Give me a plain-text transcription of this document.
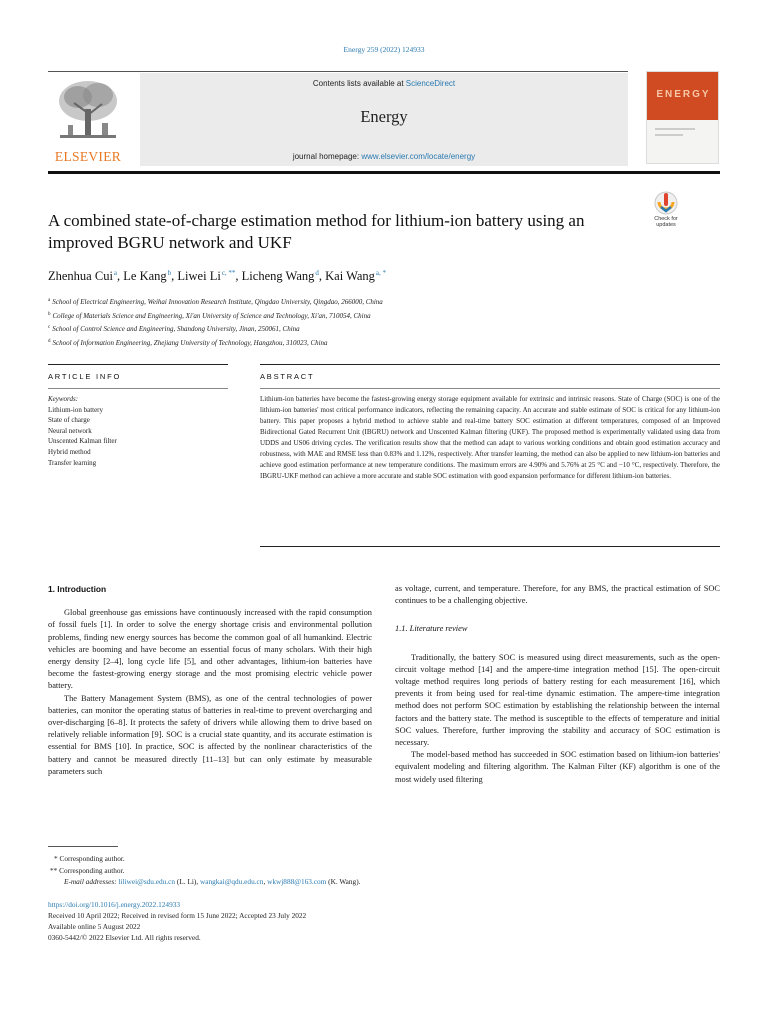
Energy 259 (2022) 124933
ELSEVIER
Contents lists available at ScienceDirect
Energy
journal homepage: www.elsevier.com/locate/energy
ENERGY
A combined state-of-charge estimation method for lithium-ion battery using an improved BGRU network and UKF
Check for updates
Zhenhua Cui$^a$, Le Kang$^b$, Liwei $Li^{c, **}$, Licheng Wang$^d$, Kai Wang$^{a, *}$
$^a$ School of Electrical Engineering, Weihai Innovation Research Institute, Qingdao University, Qingdao, 266000, China
$^b$ College of Materials Science and Engineering, Xi'an University of Science and Technology, Xi'an, 710054, China
$^c$ School of Control Science and Engineering, Shandong University, Jinan, 250061, China
$^d$ School of Information Engineering, Zhejiang University of Technology, Hangzhou, 310023, China
ARTICLE INFO	ABSTRACT
Keywords:
Lithium-ion battery
State of charge
Neural network
Unscented Kalman filter
Hybrid method
Transfer learning
Lithium-ion batteries have become the fastest-growing energy storage equipment available for extrinsic and intrinsic reasons. State of Charge (SOC) is one of the lithium-ion batteries' most critical performance indicators, reflecting the remaining capacity. An accurate and stable estimate of SOC is critical for any lithium-ion battery. This paper proposes a hybrid method to achieve stable and real-time battery SOC estimation at different temperatures, composed of an Improved Bidirectional Gated Recurrent Unit (IBGRU) network and Unscented Kalman filtering (UKF). The proposed method is experimentally validated using data from UDDS and US06 driving cycles. The verification results show that the method can adapt to various working conditions and obtain good estimation accuracy and robustness, with MAE and RMSE less than 0.83% and 1.12%, respectively. After transfer learning, the method can also be applied to new lithium-ion batteries and achieve good estimation performance at new temperature conditions. The maximum errors are 4.90% and 5.76% at 25 °C and −10 °C, respectively. Therefore, the IBGRU-UKF method can achieve a more accurate and stable SOC estimation with good expansion performance for different lithium-ion batteries.
1. Introduction

Global greenhouse gas emissions have continuously increased with the rapid consumption of fossil fuels [1]. In order to solve the energy shortage crisis and environmental pollution problems, finding new energy sources has become the common goal of all humankind. Electric vehicles are booming and have become an essential focus of many scholars. With their high energy density [2–4], long cycle life [5], and other advantages, lithium-ion batteries have become the fastest-growing energy storage and the most promising electric vehicle power battery.

The Battery Management System (BMS), as one of the central technologies of power batteries, can monitor the operating status of batteries in real-time to prevent overcharging and over-discharging [6–8]. It protects the safety of drivers while allowing them to drive based on relatively reliable information [9]. SOC is a crucial state quantity, and its accurate estimation is essential for BMS [10]. In practice, SOC is affected by the nonlinear characteristics of the battery and cannot be measured directly [11–13] but can only estimate by measurable parameters such

as voltage, current, and temperature. Therefore, for any BMS, the practical estimation of SOC continues to be a challenging objective.
1.1. Literature review

Traditionally, the battery SOC is measured using direct measurements, such as the open-circuit voltage method [14] and the ampere-time integration method [15]. The open-circuit voltage method requires long periods of battery resting for each measurement [16], which prevents it from being used for real-time dynamic estimation. The ampere-time integration method does not perform SOC estimation by establishing the relationship between the internal factors and the battery state. The method is susceptible to the effects of temperature and initial SOC values. Therefore, further improving the stability and accuracy of SOC estimation is necessary.

The model-based method has succeeded in SOC estimation based on lithium-ion batteries' equivalent modeling and filtering algorithm. The Kalman Filter (KF) algorithm is one of the most widely used filtering

* Corresponding author.
** Corresponding author.
E-mail addresses: liliwei@sdu.edu.cn (L. Li), wangkai@qdu.edu.cn, wkwj888@163.com (K. Wang).
https://doi.org/10.1016/j.energy.2022.124933
Received 10 April 2022; Received in revised form 15 June 2022; Accepted 23 July 2022
Available online 5 August 2022
0360-5442/© 2022 Elsevier Ltd. All rights reserved.
